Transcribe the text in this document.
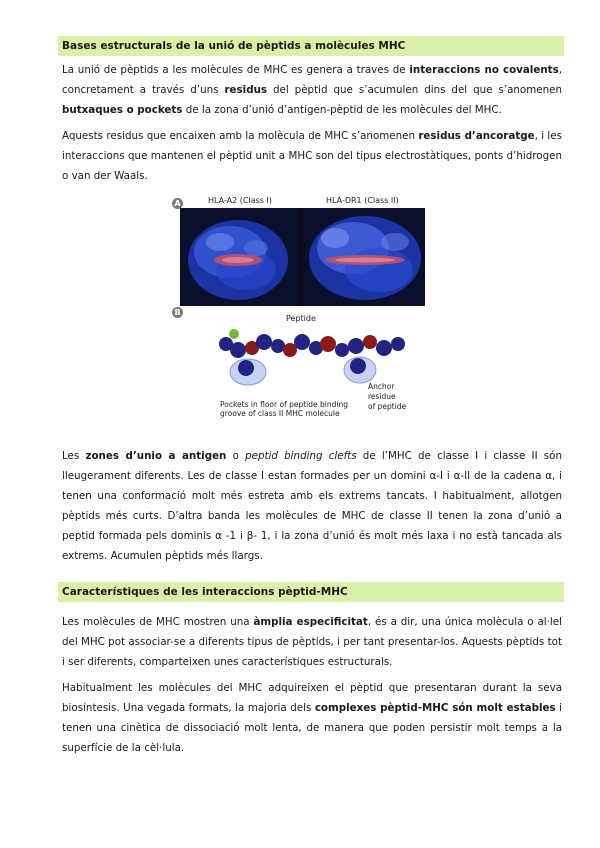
Bases estructurals de la unió de pèptids a molècules MHC

La unió de pèptids a les molècules de MHC es genera a traves de interaccions no covalents, concretament a través d’uns residus del pèptid que s’acumulen dins del que s’anomenen butxaques o pockets de la zona d’unió d’antigen-pèptid de les molècules del MHC.

Aquests residus que encaixen amb la molècula de MHC s’anomenen residus d’ancoratge, i les interaccions que mantenen el pèptid unit a MHC son del tipus electrostàtiques, ponts d’hidrogen o van der Waals.

A	HLA-A2 (Class I)	HLA-DR1 (Class II)
B
Peptide
Anchor
residue
of peptide
Pockets in floor of peptide binding
groove of class II MHC molecule

Les zones d’unio a antigen o peptid binding clefts de l’MHC de classe I i classe II són lleugerament diferents. Les de classe I estan formades per un domini α-I i α-II de la cadena α, i tenen una conformació molt més estreta amb els extrems tancats. I habitualment, allotgen pèptids més curts. D’altra banda les molècules de MHC de classe II tenen la zona d’unió a peptid formada pels dominis α -1 i β- 1, i la zona d’unió és molt més laxa i no està tancada als extrems. Acumulen pèptids més llargs.

Característiques de les interaccions pèptid-MHC

Les molècules de MHC mostren una àmplia especificitat, és a dir, una única molècula o al·lel del MHC pot associar-se a diferents tipus de pèptids, i per tant presentar-los. Aquests pèptids tot i ser diferents, comparteixen unes característiques estructurals.

Habitualment les molècules del MHC adquireixen el pèptid que presentaran durant la seva biosíntesis. Una vegada formats, la majoria dels complexes pèptid-MHC són molt estables i tenen una cinètica de dissociació molt lenta, de manera que poden persistir molt temps a la superfície de la cèl·lula.
